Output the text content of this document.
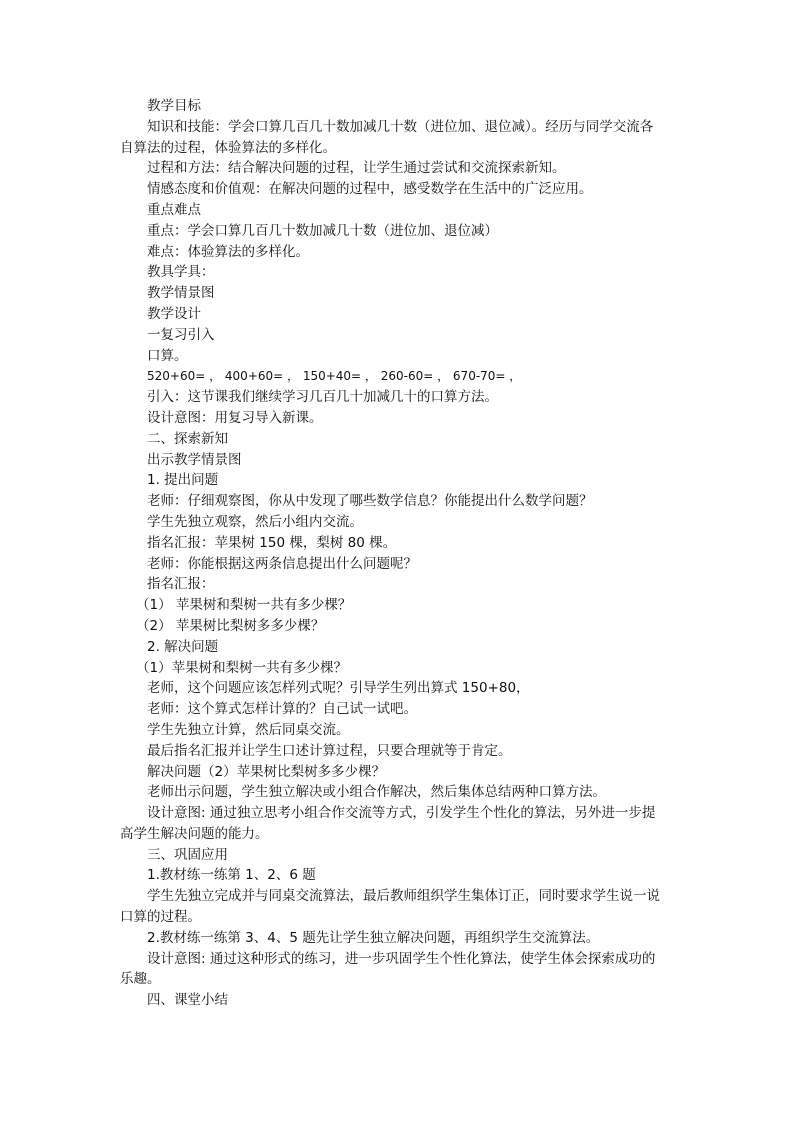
教学目标
知识和技能：学会口算几百几十数加减几十数（进位加、退位减）。经历与同学交流各
自算法的过程，体验算法的多样化。
过程和方法：结合解决问题的过程，让学生通过尝试和交流探索新知。
情感态度和价值观：在解决问题的过程中，感受数学在生活中的广泛应用。
重点难点
重点：学会口算几百几十数加减几十数（进位加、退位减）
难点：体验算法的多样化。
教具学具：
教学情景图
教学设计
一复习引入
口算。
520+60= ， 400+60= ， 150+40= ， 260-60= ， 670-70= ，
引入：这节课我们继续学习几百几十加减几十的口算方法。
设计意图：用复习导入新课。
二、探索新知
出示教学情景图
1. 提出问题
老师：仔细观察图，你从中发现了哪些数学信息？你能提出什么数学问题？
学生先独立观察，然后小组内交流。
指名汇报：苹果树 150 棵，梨树 80 棵。
老师：你能根据这两条信息提出什么问题呢？
指名汇报：
（1） 苹果树和梨树一共有多少棵？
（2） 苹果树比梨树多多少棵？
2. 解决问题
（1）苹果树和梨树一共有多少棵？
老师，这个问题应该怎样列式呢？引导学生列出算式 150+80，
老师：这个算式怎样计算的？自己试一试吧。
学生先独立计算，然后同桌交流。
最后指名汇报并让学生口述计算过程，只要合理就等于肯定。
解决问题（2）苹果树比梨树多多少棵？
老师出示问题，学生独立解决或小组合作解决，然后集体总结两种口算方法。
设计意图: 通过独立思考小组合作交流等方式，引发学生个性化的算法，另外进一步提
高学生解决问题的能力。
三、巩固应用
1.教材练一练第 1、2、6 题
学生先独立完成并与同桌交流算法，最后教师组织学生集体订正，同时要求学生说一说
口算的过程。
2.教材练一练第 3、4、5 题先让学生独立解决问题，再组织学生交流算法。
设计意图: 通过这种形式的练习，进一步巩固学生个性化算法，使学生体会探索成功的
乐趣。
四、课堂小结
